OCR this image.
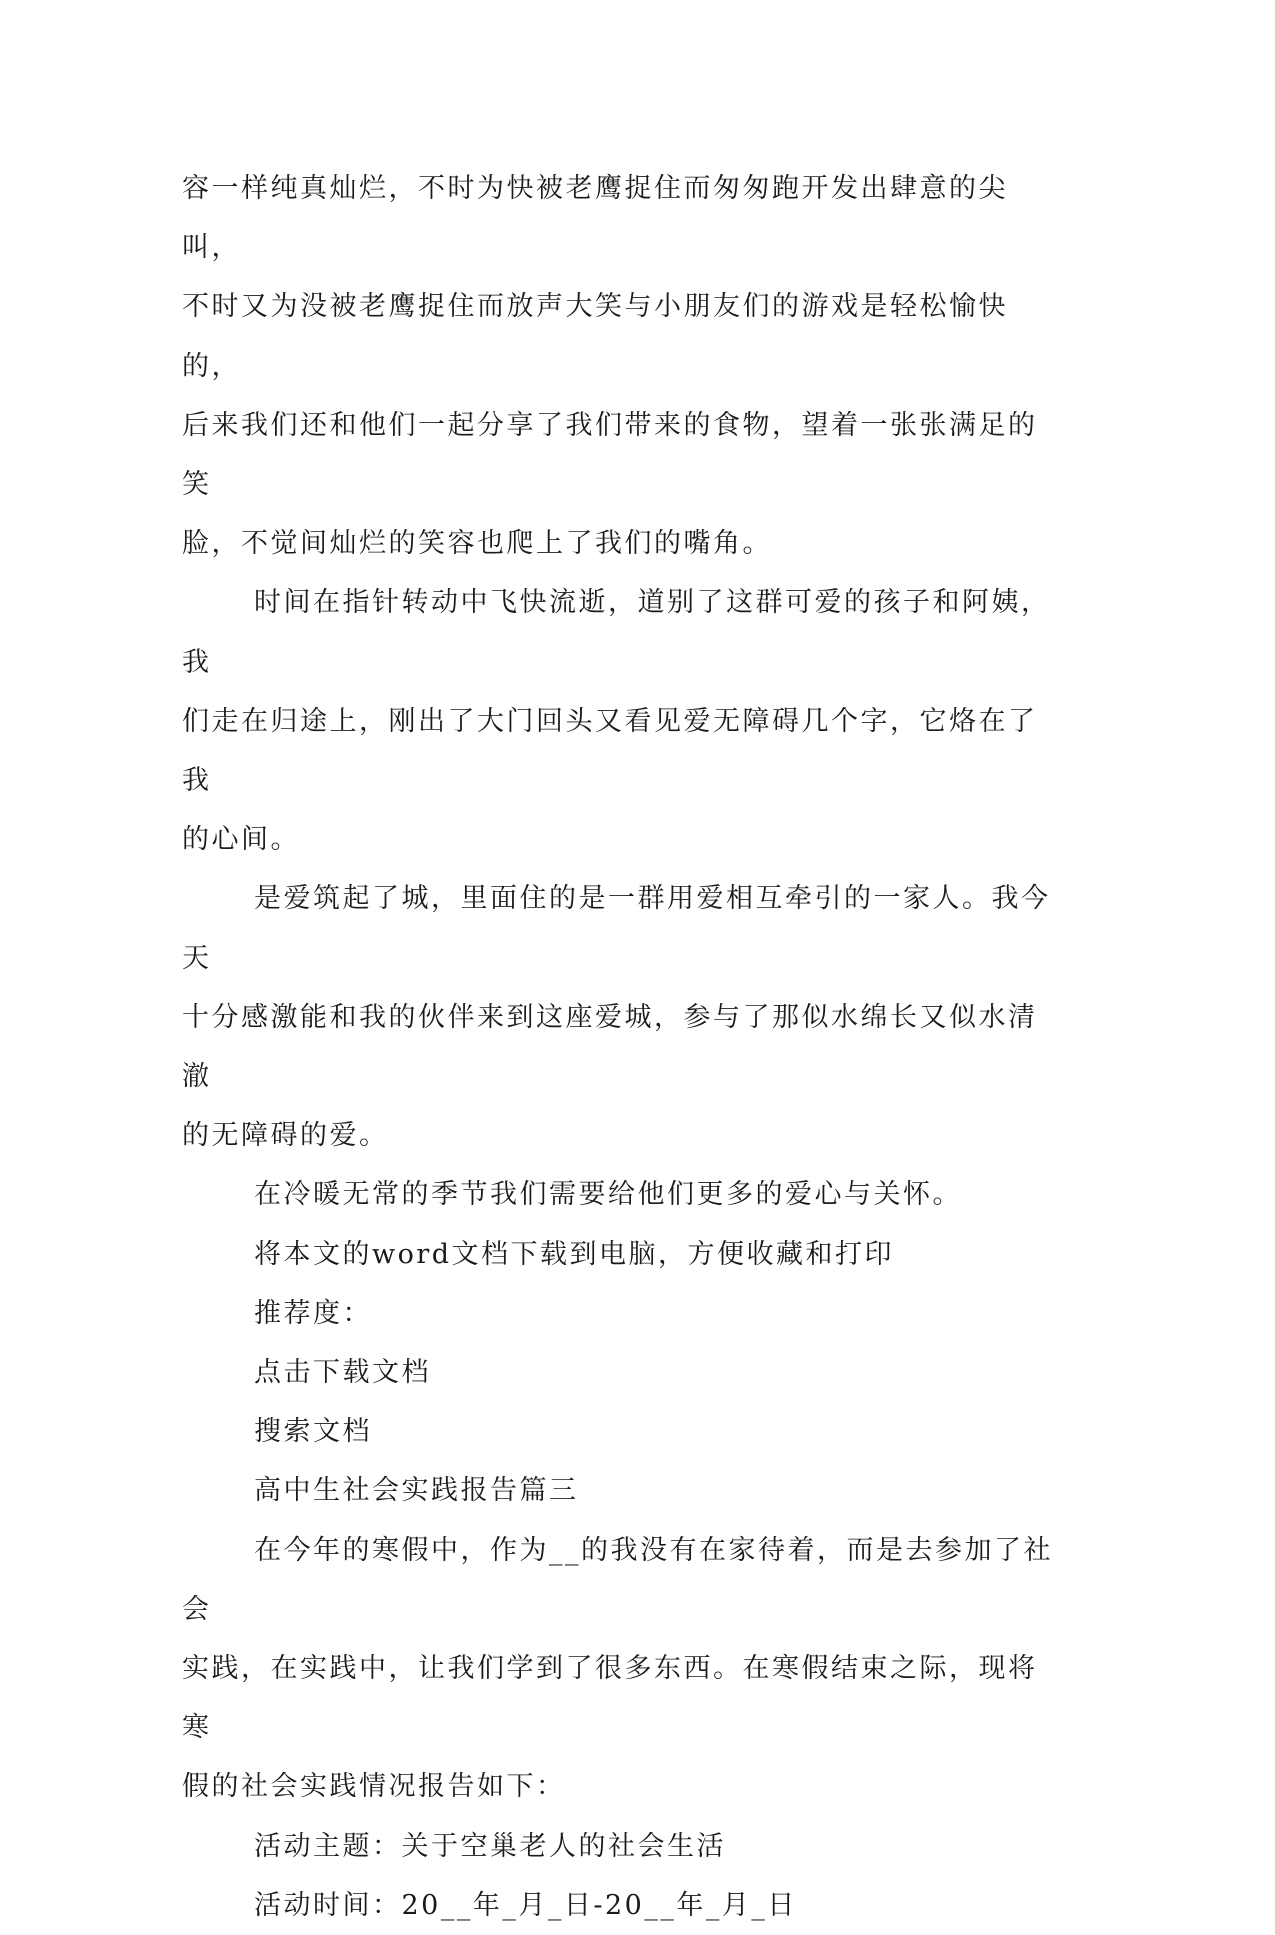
容一样纯真灿烂，不时为快被老鹰捉住而匆匆跑开发出肆意的尖叫，
不时又为没被老鹰捉住而放声大笑与小朋友们的游戏是轻松愉快的，
后来我们还和他们一起分享了我们带来的食物，望着一张张满足的笑
脸，不觉间灿烂的笑容也爬上了我们的嘴角。
时间在指针转动中飞快流逝，道别了这群可爱的孩子和阿姨，我
们走在归途上，刚出了大门回头又看见爱无障碍几个字，它烙在了我
的心间。
是爱筑起了城，里面住的是一群用爱相互牵引的一家人。我今天
十分感激能和我的伙伴来到这座爱城，参与了那似水绵长又似水清澈
的无障碍的爱。
在冷暖无常的季节我们需要给他们更多的爱心与关怀。
将本文的word文档下载到电脑，方便收藏和打印
推荐度：
点击下载文档
搜索文档
高中生社会实践报告篇三
在今年的寒假中，作为__的我没有在家待着，而是去参加了社会
实践，在实践中，让我们学到了很多东西。在寒假结束之际，现将寒
假的社会实践情况报告如下：
活动主题：关于空巢老人的社会生活
活动时间：20__年_月_日-20__年_月_日
